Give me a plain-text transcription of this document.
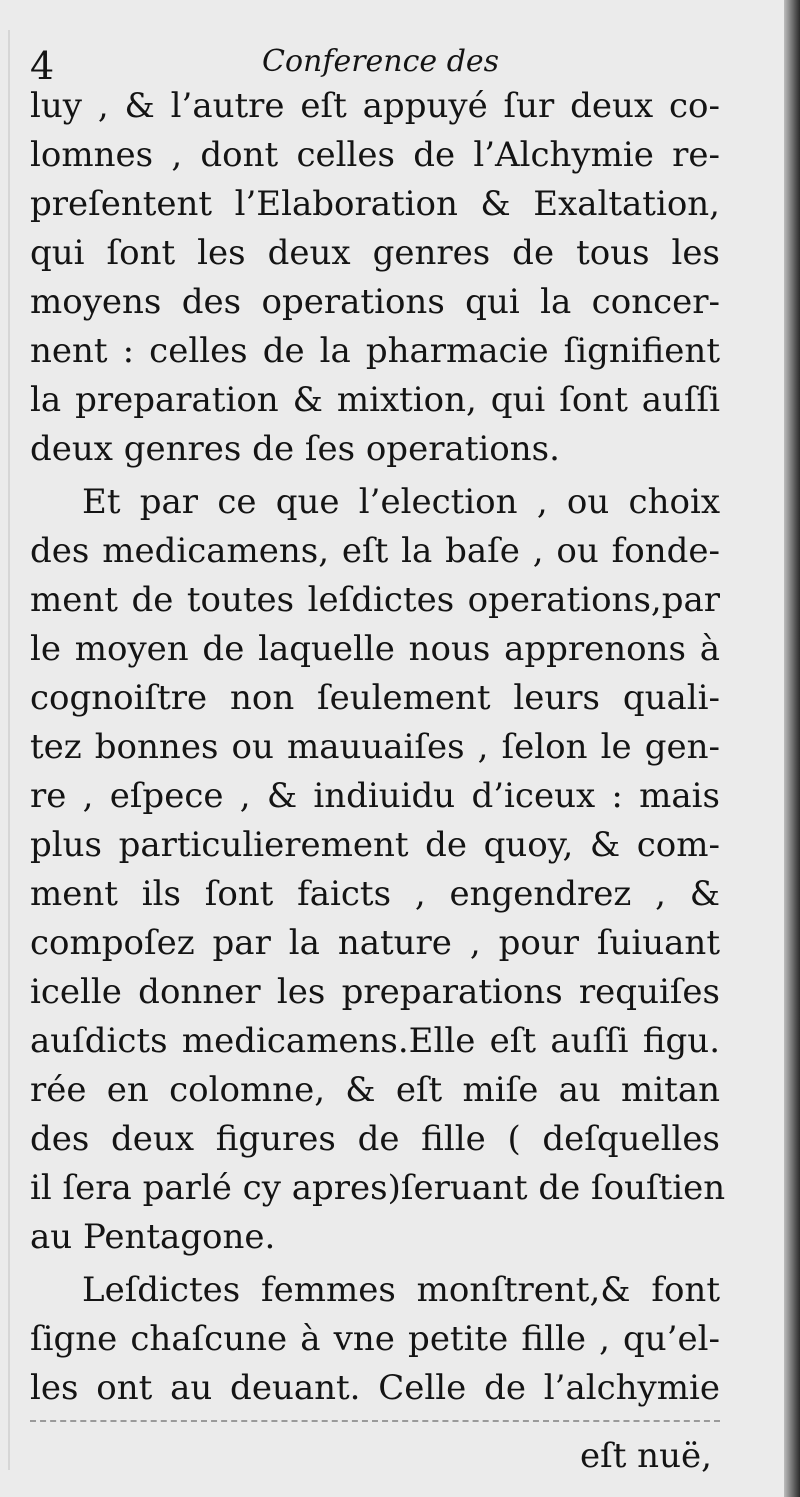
4	Conference des
luy , & l’autre eſt appuyé ſur deux co-
lomnes , dont celles de l’Alchymie re-
preſentent l’Elaboration & Exaltation,
qui ſont les deux genres de tous les
moyens des operations qui la concer-
nent : celles de la pharmacie ſignifient
la preparation & mixtion, qui ſont auſſi
deux genres de ſes operations.
Et par ce que l’election , ou choix
des medicamens, eſt la baſe , ou fonde-
ment de toutes leſdictes operations,par
le moyen de laquelle nous apprenons à
cognoiſtre non ſeulement leurs quali-
tez bonnes ou mauuaiſes , ſelon le gen-
re , eſpece , & indiuidu d’iceux : mais
plus particulierement de quoy, & com-
ment ils ſont faicts , engendrez , &
compoſez par la nature , pour ſuiuant
icelle donner les preparations requiſes
auſdicts medicamens.Elle eſt auſſi figu.
rée en colomne, & eſt miſe au mitan
des deux figures de fille ( deſquelles
il ſera parlé cy apres)ſeruant de ſouſtien
au Pentagone.
Leſdictes femmes monſtrent,& font
ſigne chaſcune à vne petite fille , qu’el-
les ont au deuant. Celle de l’alchymie
eſt nuë,
